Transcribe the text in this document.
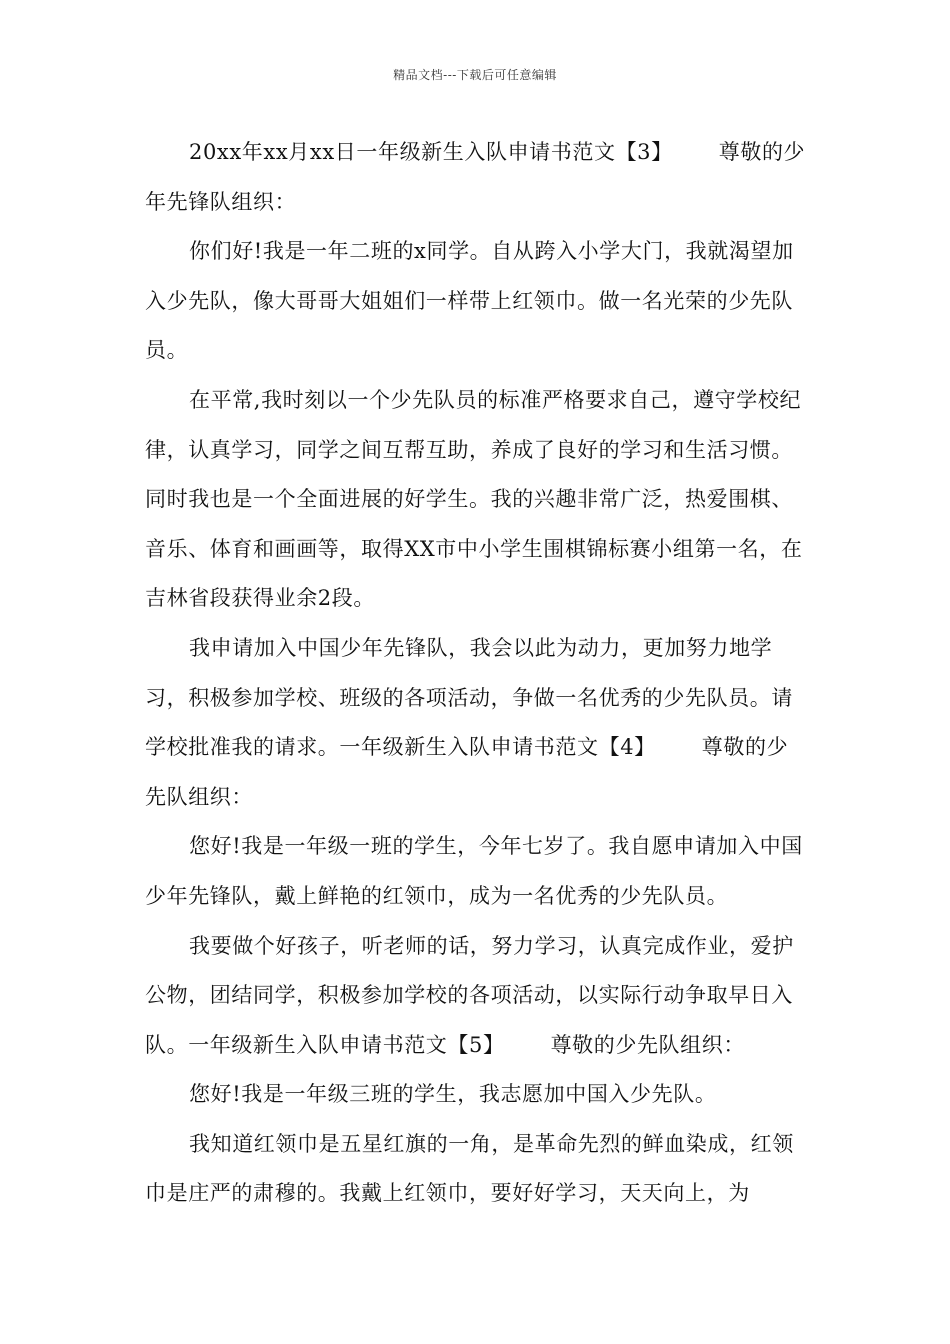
精品文档---下载后可任意编辑

20xx年xx月xx日一年级新生入队申请书范文【3】 尊敬的少年先锋队组织：

你们好!我是一年二班的x同学。自从跨入小学大门，我就渴望加入少先队，像大哥哥大姐姐们一样带上红领巾。做一名光荣的少先队员。

在平常,我时刻以一个少先队员的标准严格要求自己，遵守学校纪律，认真学习，同学之间互帮互助，养成了良好的学习和生活习惯。同时我也是一个全面进展的好学生。我的兴趣非常广泛，热爱围棋、音乐、体育和画画等，取得XX市中小学生围棋锦标赛小组第一名，在吉林省段获得业余2段。

我申请加入中国少年先锋队，我会以此为动力，更加努力地学习，积极参加学校、班级的各项活动，争做一名优秀的少先队员。请学校批准我的请求。一年级新生入队申请书范文【4】 尊敬的少先队组织：

您好!我是一年级一班的学生，今年七岁了。我自愿申请加入中国少年先锋队，戴上鲜艳的红领巾，成为一名优秀的少先队员。

我要做个好孩子，听老师的话，努力学习，认真完成作业，爱护公物，团结同学，积极参加学校的各项活动，以实际行动争取早日入队。一年级新生入队申请书范文【5】 尊敬的少先队组织：

您好!我是一年级三班的学生，我志愿加中国入少先队。

我知道红领巾是五星红旗的一角，是革命先烈的鲜血染成，红领巾是庄严的肃穆的。我戴上红领巾，要好好学习，天天向上，为
